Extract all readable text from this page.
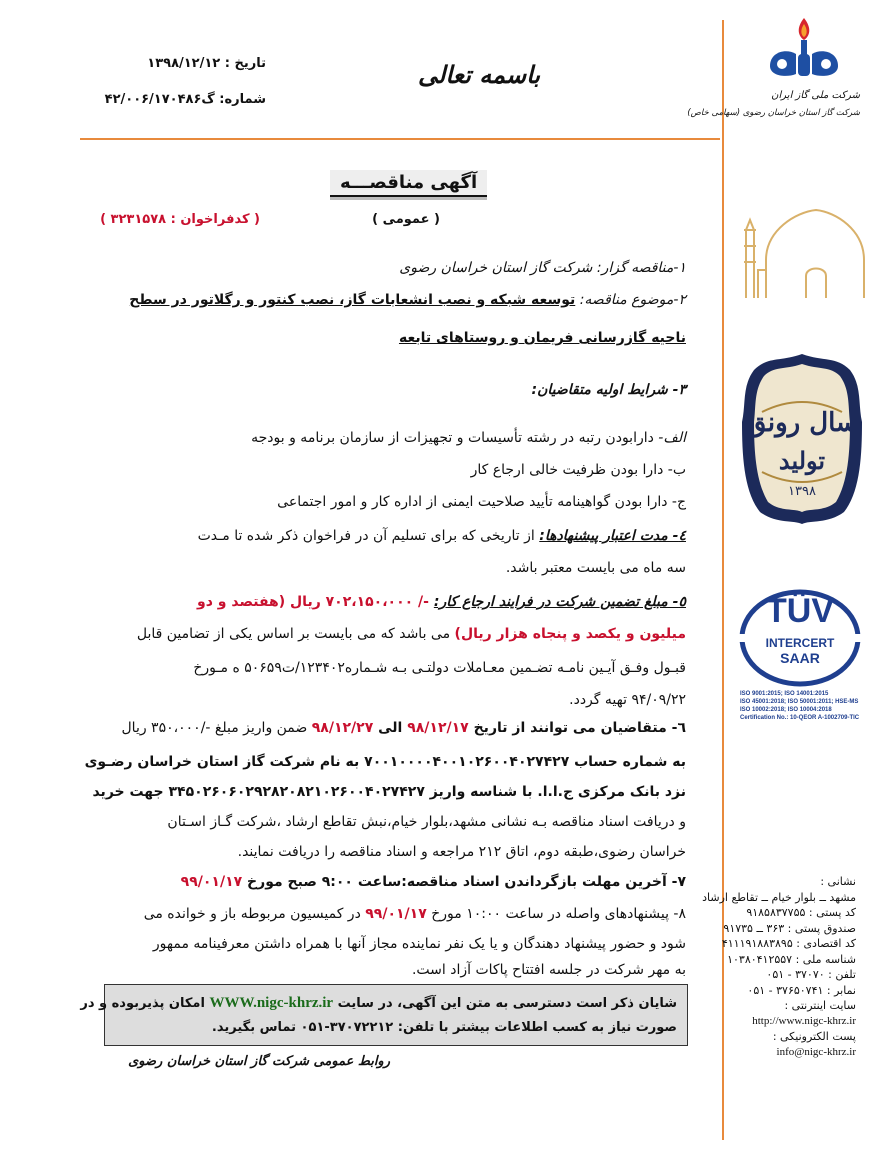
تاریخ : ۱۳۹۸/۱۲/۱۲
شماره: گ۴۲/۰۰۶/۱۷۰۴۸۶
باسمه تعالی
شرکت ملی گاز ایران
شرکت گاز استان خراسان رضوی (سهامی خاص)
سال رونق
تولید
۱۳۹۸
TÜV
INTERCERT
SAAR
ISO 9001:2015; ISO 14001:2015
ISO 45001:2018; ISO 50001:2011; HSE-MS
ISO 10002:2018; ISO 10004:2018
Certification No.: 10-QEOR A-1002709-TIC
آگهی مناقصـــه
( عمومی )
( کدفراخوان : ۳۲۳۱۵۷۸ )
۱-مناقصه گزار: شرکت گاز استان خراسان رضوی
۲-موضوع مناقصه: توسعه شبکه و نصب انشعابات گاز، نصب کنتور و رگلاتور در سطح
ناحیه گازرسانی فریمان و روستاهای تابعه
۳- شرایط اولیه متقاضیان:
الف- دارابودن رتبه در رشته تأسیسات و تجهیزات از سازمان برنامه و بودجه
ب- دارا بودن ظرفیت خالی ارجاع کار
ج- دارا بودن گواهینامه تأیید صلاحیت ایمنی از اداره کار و امور اجتماعی
٤- مدت اعتبار پیشنهادها: از تاریخی که برای تسلیم آن در فراخوان ذکر شده تا مـدت
سه ماه می بایست معتبر باشد.
٥- مبلغ تضمین شرکت در فرایند ارجاع کار: -/ ۷۰۲،۱۵۰،۰۰۰ ریال (هفتصد و دو
میلیون و یکصد و پنجاه هزار ریال) می باشد که می بایست بر اساس یکی از تضامین قابل
قبـول وفـق آیـین نامـه تضـمین معـاملات دولتـی بـه شـماره۱۲۳۴۰۲/ت۵۰۶۵۹ ه مـورخ
۹۴/۰۹/۲۲ تهیه گردد.
٦- متقاضیان می توانند از تاریخ ۹۸/۱۲/۱۷ الی ۹۸/۱۲/۲۷ ضمن واریز مبلغ -/۳۵۰،۰۰۰ ریال
به شماره حساب ۷۰۰۱۰۰۰۰۴۰۰۱۰۲۶۰۰۴۰۲۷۴۲۷ به نام شرکت گاز استان خراسان رضـوی
نزد بانک مرکزی ج.ا.ا. با شناسه واریز ۳۴۵۰۲۶۰۶۰۲۹۲۸۲۰۸۲۱۰۲۶۰۰۴۰۲۷۴۲۷ جهت خرید
و دریافت اسناد مناقصه بـه نشانی مشهد،بلوار خیام،نبش تقاطع ارشاد ،شرکت گـاز اسـتان
خراسان رضوی،طبقه دوم، اتاق ۲۱۲ مراجعه و اسناد مناقصه را دریافت نمایند.
۷- آخرین مهلت بازگرداندن اسناد مناقصه:ساعت ۹:۰۰ صبح مورخ ۹۹/۰۱/۱۷
۸- پیشنهادهای واصله در ساعت ۱۰:۰۰ مورخ ۹۹/۰۱/۱۷ در کمیسیون مربوطه باز و خوانده می
شود و حضور پیشنهاد دهندگان و یا یک نفر نماینده مجاز آنها با همراه داشتن معرفینامه ممهور
به مهر شرکت در جلسه افتتاح پاکات آزاد است.
شایان ذکر است دسترسی به متن این آگهی، در سایت WWW.nigc-khrz.ir امکان پذیربوده و در
صورت نیاز به کسب اطلاعات بیشتر با تلفن: ۳۷۰۷۲۲۱۲-۰۵۱ تماس بگیرید.
روابط عمومی شرکت گاز استان خراسان رضوی
نشانی :
مشهد ــ بلوار خیام ــ تقاطع ارشاد
کد پستی : ۹۱۸۵۸۳۷۷۵۵
صندوق پستی : ۳۶۳ ــ ۹۱۷۳۵
کد اقتصادی : ۴۱۱۱۹۱۸۸۳۸۹۵
شناسه ملی : ۱۰۳۸۰۴۱۲۵۵۷
تلفن : ۳۷۰۷۰ - ۰۵۱
نمابر : ۳۷۶۵۰۷۴۱ - ۰۵۱
سایت اینترنتی :
http://www.nigc-khrz.ir
پست الکترونیکی :
info@nigc-khrz.ir
